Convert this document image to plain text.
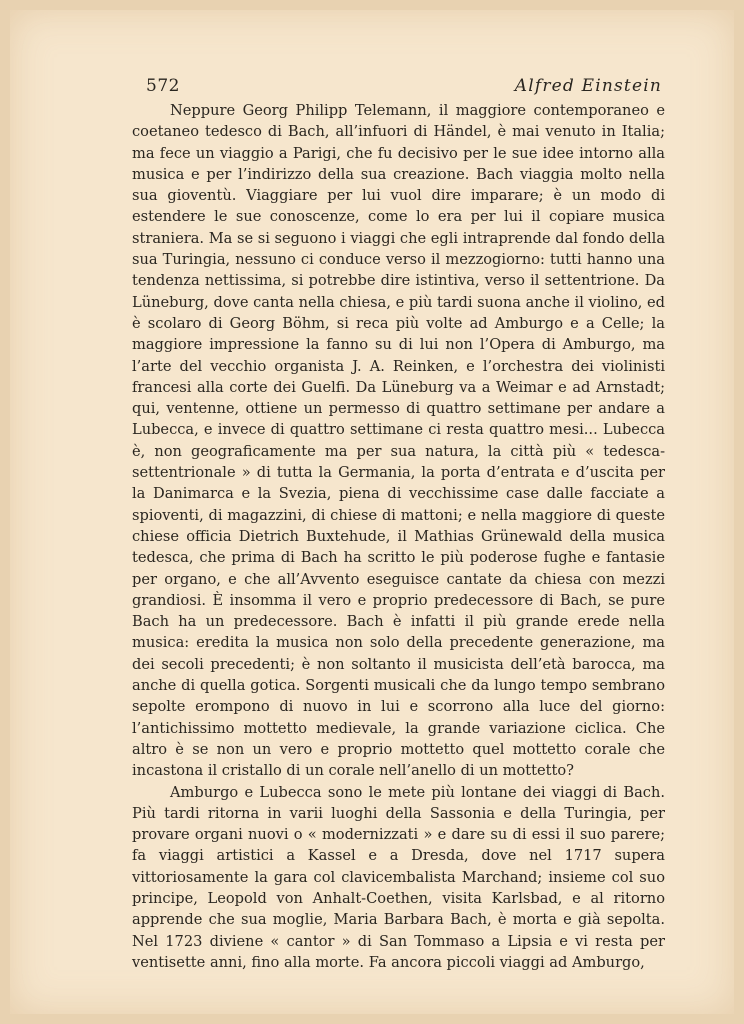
572	Alfred Einstein

Neppure Georg Philipp Telemann, il maggiore contemporaneo e coetaneo tedesco di Bach, all’infuori di Händel, è mai venuto in Italia; ma fece un viaggio a Parigi, che fu decisivo per le sue idee intorno alla musica e per l’indirizzo della sua creazione. Bach viaggia molto nella sua gioventù. Viaggiare per lui vuol dire imparare; è un modo di estendere le sue conoscenze, come lo era per lui il copiare musica straniera. Ma se si seguono i viaggi che egli intraprende dal fondo della sua Turingia, nessuno ci conduce verso il mezzogiorno: tutti hanno una tendenza nettissima, si potrebbe dire istintiva, verso il settentrione. Da Lüneburg, dove canta nella chiesa, e più tardi suona anche il violino, ed è scolaro di Georg Böhm, si reca più volte ad Amburgo e a Celle; la maggiore impressione la fanno su di lui non l’Opera di Amburgo, ma l’arte del vecchio organista J. A. Reinken, e l’orchestra dei violinisti francesi alla corte dei Guelfi. Da Lüneburg va a Weimar e ad Arnstadt; qui, ventenne, ottiene un permesso di quattro settimane per andare a Lubecca, e invece di quattro settimane ci resta quattro mesi... Lubecca è, non geograficamente ma per sua natura, la città più « tedesca-settentrionale » di tutta la Germania, la porta d’entrata e d’uscita per la Danimarca e la Svezia, piena di vecchissime case dalle facciate a spioventi, di magazzini, di chiese di mattoni; e nella maggiore di queste chiese officia Dietrich Buxtehude, il Mathias Grünewald della musica tedesca, che prima di Bach ha scritto le più poderose fughe e fantasie per organo, e che all’Avvento eseguisce cantate da chiesa con mezzi grandiosi. È insomma il vero e proprio predecessore di Bach, se pure Bach ha un predecessore. Bach è infatti il più grande erede nella musica: eredita la musica non solo della precedente generazione, ma dei secoli precedenti; è non soltanto il musicista dell’età barocca, ma anche di quella gotica. Sorgenti musicali che da lungo tempo sembrano sepolte erompono di nuovo in lui e scorrono alla luce del giorno: l’antichissimo mottetto medievale, la grande variazione ciclica. Che altro è se non un vero e proprio mottetto quel mottetto corale che incastona il cristallo di un corale nell’anello di un mottetto?

Amburgo e Lubecca sono le mete più lontane dei viaggi di Bach. Più tardi ritorna in varii luoghi della Sassonia e della Turingia, per provare organi nuovi o « modernizzati » e dare su di essi il suo parere; fa viaggi artistici a Kassel e a Dresda, dove nel 1717 supera vittoriosamente la gara col clavicembalista Marchand; insieme col suo principe, Leopold von Anhalt-Coethen, visita Karlsbad, e al ritorno apprende che sua moglie, Maria Barbara Bach, è morta e già sepolta. Nel 1723 diviene « cantor » di San Tommaso a Lipsia e vi resta per ventisette anni, fino alla morte. Fa ancora piccoli viaggi ad Amburgo,
